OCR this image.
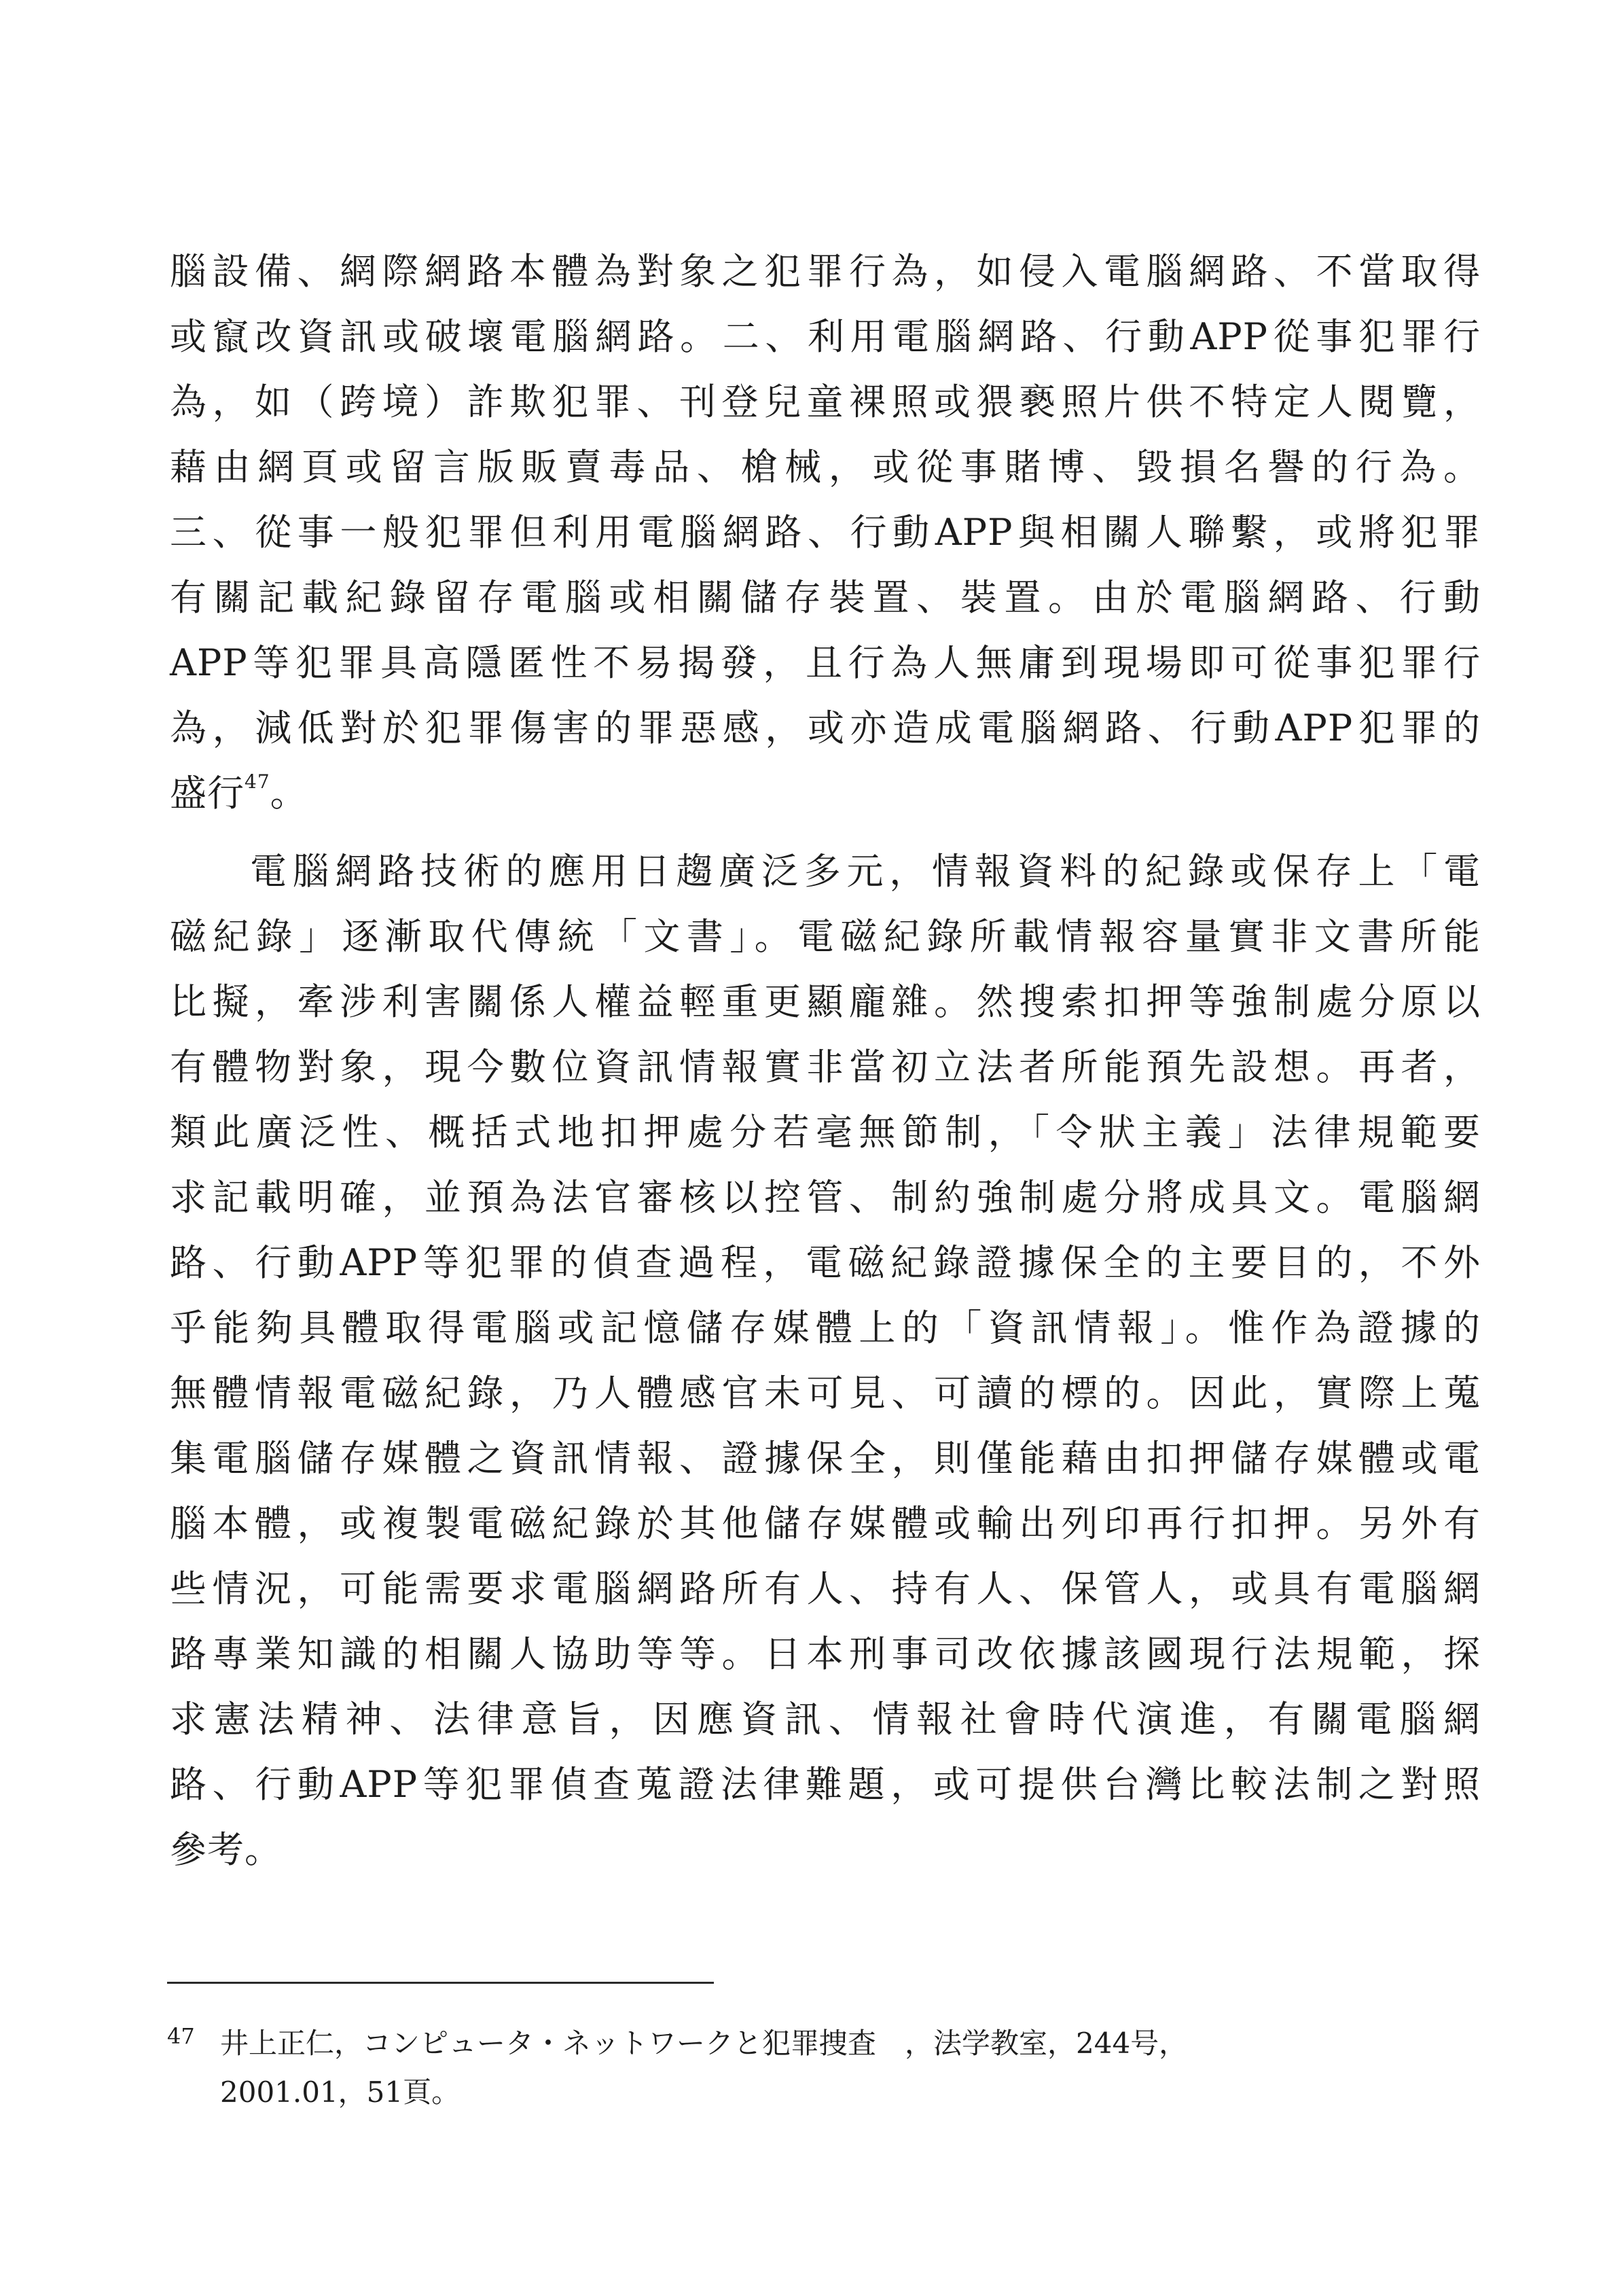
腦設備、網際網路本體為對象之犯罪行為，如侵入電腦網路、不當取得
或竄改資訊或破壞電腦網路。二、利用電腦網路、行動APP從事犯罪行
為，如（跨境）詐欺犯罪、刊登兒童裸照或猥褻照片供不特定人閱覽，
藉由網頁或留言版販賣毒品、槍械，或從事賭博、毀損名譽的行為。
三、從事一般犯罪但利用電腦網路、行動APP與相關人聯繫，或將犯罪
有關記載紀錄留存電腦或相關儲存裝置、裝置。由於電腦網路、行動
APP等犯罪具高隱匿性不易揭發，且行為人無庸到現場即可從事犯罪行
為，減低對於犯罪傷害的罪惡感，或亦造成電腦網路、行動APP犯罪的
盛行$^{47}$。
電腦網路技術的應用日趨廣泛多元，情報資料的紀錄或保存上「電
磁紀錄」逐漸取代傳統「文書」。電磁紀錄所載情報容量實非文書所能
比擬，牽涉利害關係人權益輕重更顯龐雜。然搜索扣押等強制處分原以
有體物對象，現今數位資訊情報實非當初立法者所能預先設想。再者，
類此廣泛性、概括式地扣押處分若毫無節制，「令狀主義」法律規範要
求記載明確，並預為法官審核以控管、制約強制處分將成具文。電腦網
路、行動APP等犯罪的偵查過程，電磁紀錄證據保全的主要目的，不外
乎能夠具體取得電腦或記憶儲存媒體上的「資訊情報」。惟作為證據的
無體情報電磁紀錄，乃人體感官未可見、可讀的標的。因此，實際上蒐
集電腦儲存媒體之資訊情報、證據保全，則僅能藉由扣押儲存媒體或電
腦本體，或複製電磁紀錄於其他儲存媒體或輸出列印再行扣押。另外有
些情況，可能需要求電腦網路所有人、持有人、保管人，或具有電腦網
路專業知識的相關人協助等等。日本刑事司改依據該國現行法規範，探
求憲法精神、法律意旨，因應資訊、情報社會時代演進，有關電腦網
路、行動APP等犯罪偵查蒐證法律難題，或可提供台灣比較法制之對照
參考。
47 井上正仁，コンピュータ・ネットワークと犯罪捜査　，法学教室，244号，
2001.01，51頁。
